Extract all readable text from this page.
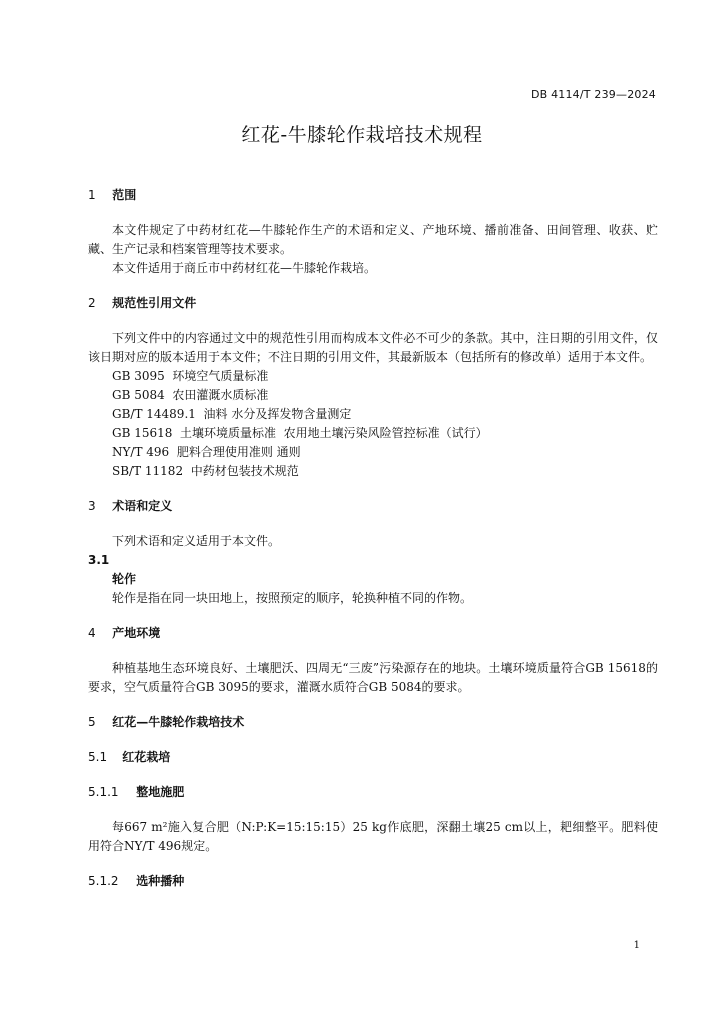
DB 4114/T 239—2024
红花-牛膝轮作栽培技术规程

1 范围

本文件规定了中药材红花—牛膝轮作生产的术语和定义、产地环境、播前准备、田间管理、收获、贮藏、生产记录和档案管理等技术要求。

本文件适用于商丘市中药材红花—牛膝轮作栽培。

2 规范性引用文件

下列文件中的内容通过文中的规范性引用而构成本文件必不可少的条款。其中，注日期的引用文件，仅该日期对应的版本适用于本文件；不注日期的引用文件，其最新版本（包括所有的修改单）适用于本文件。

GB 3095  环境空气质量标准

GB 5084  农田灌溉水质标准

GB/T 14489.1  油料 水分及挥发物含量测定

GB 15618  土壤环境质量标准  农用地土壤污染风险管控标准（试行）

NY/T 496  肥料合理使用准则 通则

SB/T 11182  中药材包装技术规范

3 术语和定义

下列术语和定义适用于本文件。

3.1

轮作

轮作是指在同一块田地上，按照预定的顺序，轮换种植不同的作物。

4 产地环境

种植基地生态环境良好、土壤肥沃、四周无“三废”污染源存在的地块。土壤环境质量符合GB 15618的要求，空气质量符合GB 3095的要求，灌溉水质符合GB 5084的要求。

5 红花—牛膝轮作栽培技术

5.1 红花栽培

5.1.1 整地施肥

每667 m²施入复合肥（N:P:K=15:15:15）25 kg作底肥，深翻土壤25 cm以上，耙细整平。肥料使用符合NY/T 496规定。

5.1.2 选种播种

1
